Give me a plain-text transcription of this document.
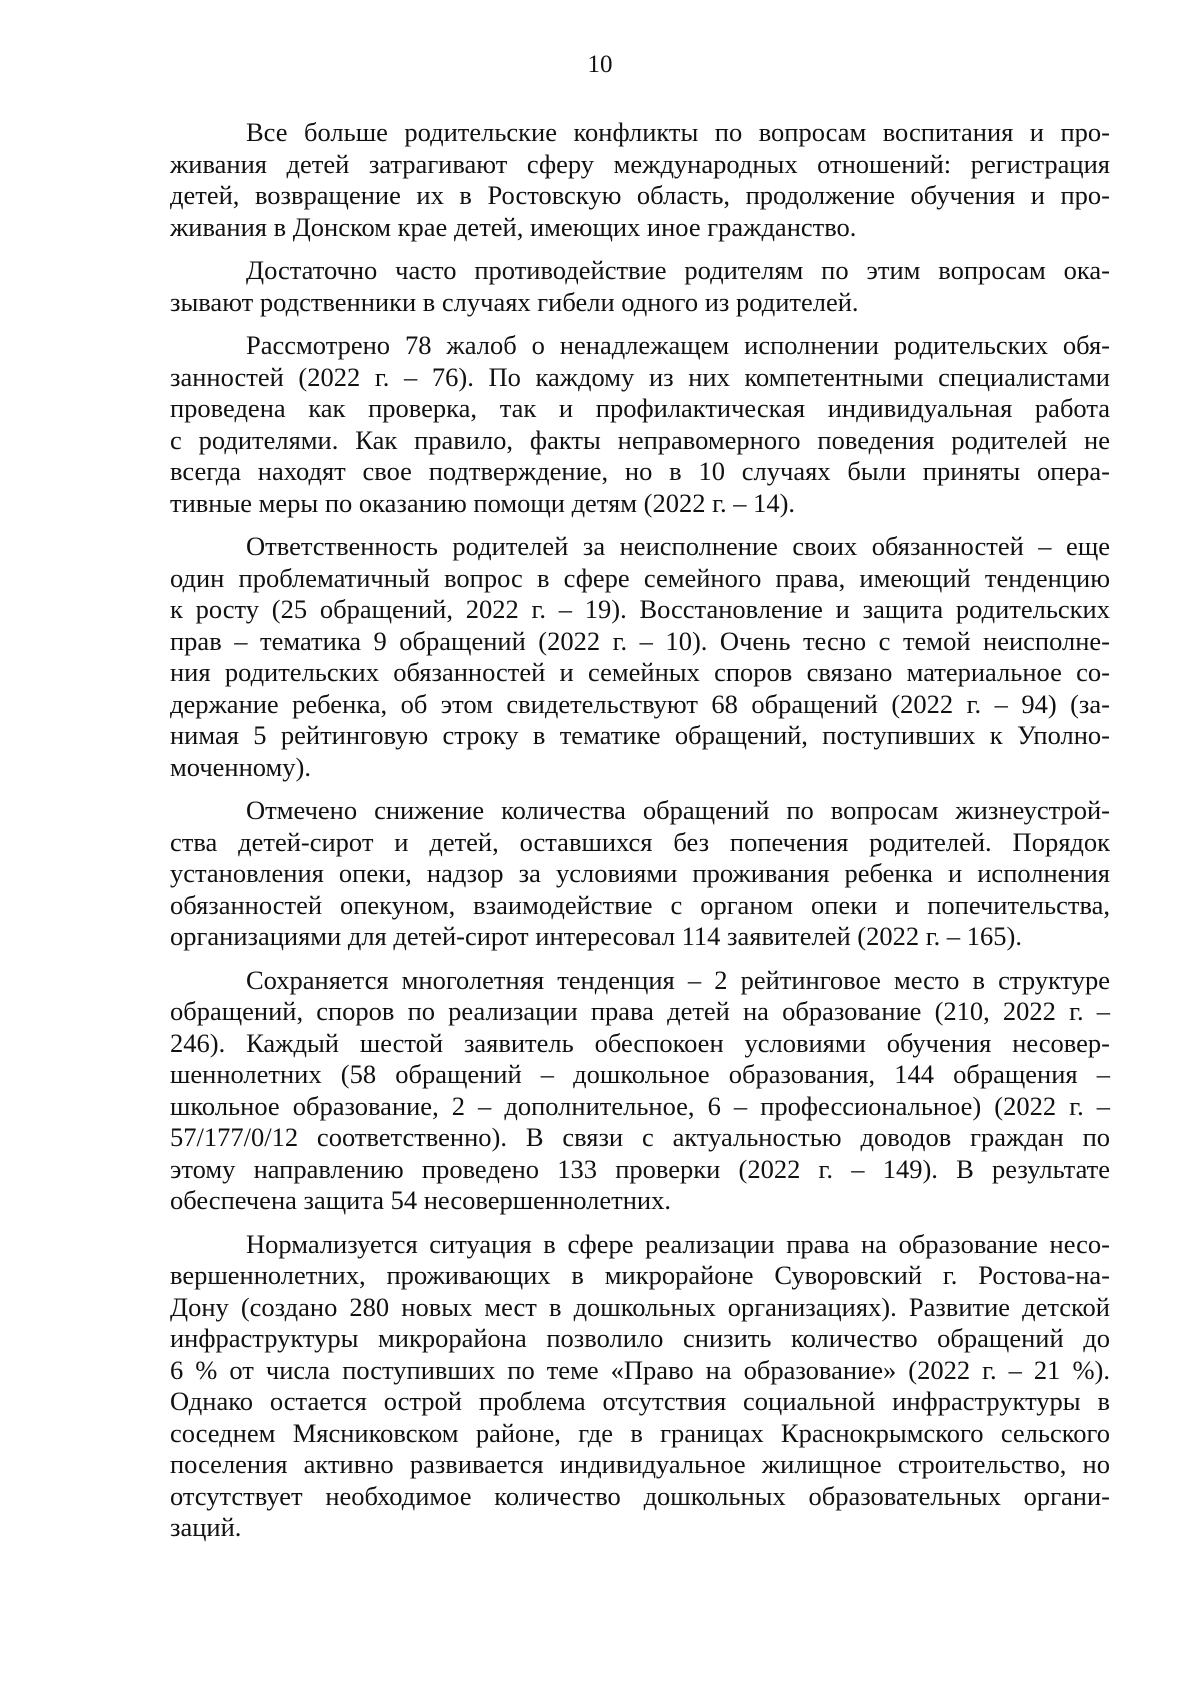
10

Все больше родительские конфликты по вопросам воспитания и про-
живания детей затрагивают сферу международных отношений: регистрация
детей, возвращение их в Ростовскую область, продолжение обучения и про-
живания в Донском крае детей, имеющих иное гражданство.

Достаточно часто противодействие родителям по этим вопросам ока-
зывают родственники в случаях гибели одного из родителей.

Рассмотрено 78 жалоб о ненадлежащем исполнении родительских обя-
занностей (2022 г. – 76). По каждому из них компетентными специалистами
проведена как проверка, так и профилактическая индивидуальная работа
с родителями. Как правило, факты неправомерного поведения родителей не
всегда находят свое подтверждение, но в 10 случаях были приняты опера-
тивные меры по оказанию помощи детям (2022 г. – 14).

Ответственность родителей за неисполнение своих обязанностей – еще
один проблематичный вопрос в сфере семейного права, имеющий тенденцию
к росту (25 обращений, 2022 г. – 19). Восстановление и защита родительских
прав – тематика 9 обращений (2022 г. – 10). Очень тесно с темой неисполне-
ния родительских обязанностей и семейных споров связано материальное со-
держание ребенка, об этом свидетельствуют 68 обращений (2022 г. – 94) (за-
нимая 5 рейтинговую строку в тематике обращений, поступивших к Уполно-
моченному).

Отмечено снижение количества обращений по вопросам жизнеустрой-
ства детей-сирот и детей, оставшихся без попечения родителей. Порядок
установления опеки, надзор за условиями проживания ребенка и исполнения
обязанностей опекуном, взаимодействие с органом опеки и попечительства,
организациями для детей-сирот интересовал 114 заявителей (2022 г. – 165).

Сохраняется многолетняя тенденция – 2 рейтинговое место в структуре
обращений, споров по реализации права детей на образование (210, 2022 г. –
246). Каждый шестой заявитель обеспокоен условиями обучения несовер-
шеннолетних (58 обращений – дошкольное образования, 144 обращения –
школьное образование, 2 – дополнительное, 6 – профессиональное) (2022 г. –
57/177/0/12 соответственно). В связи с актуальностью доводов граждан по
этому направлению проведено 133 проверки (2022 г. – 149). В результате
обеспечена защита 54 несовершеннолетних.

Нормализуется ситуация в сфере реализации права на образование несо-
вершеннолетних, проживающих в микрорайоне Суворовский г. Ростова-на-
Дону (создано 280 новых мест в дошкольных организациях). Развитие детской
инфраструктуры микрорайона позволило снизить количество обращений до
6 % от числа поступивших по теме «Право на образование» (2022 г. – 21 %).
Однако остается острой проблема отсутствия социальной инфраструктуры в
соседнем Мясниковском районе, где в границах Краснокрымского сельского
поселения активно развивается индивидуальное жилищное строительство, но
отсутствует необходимое количество дошкольных образовательных органи-
заций.
